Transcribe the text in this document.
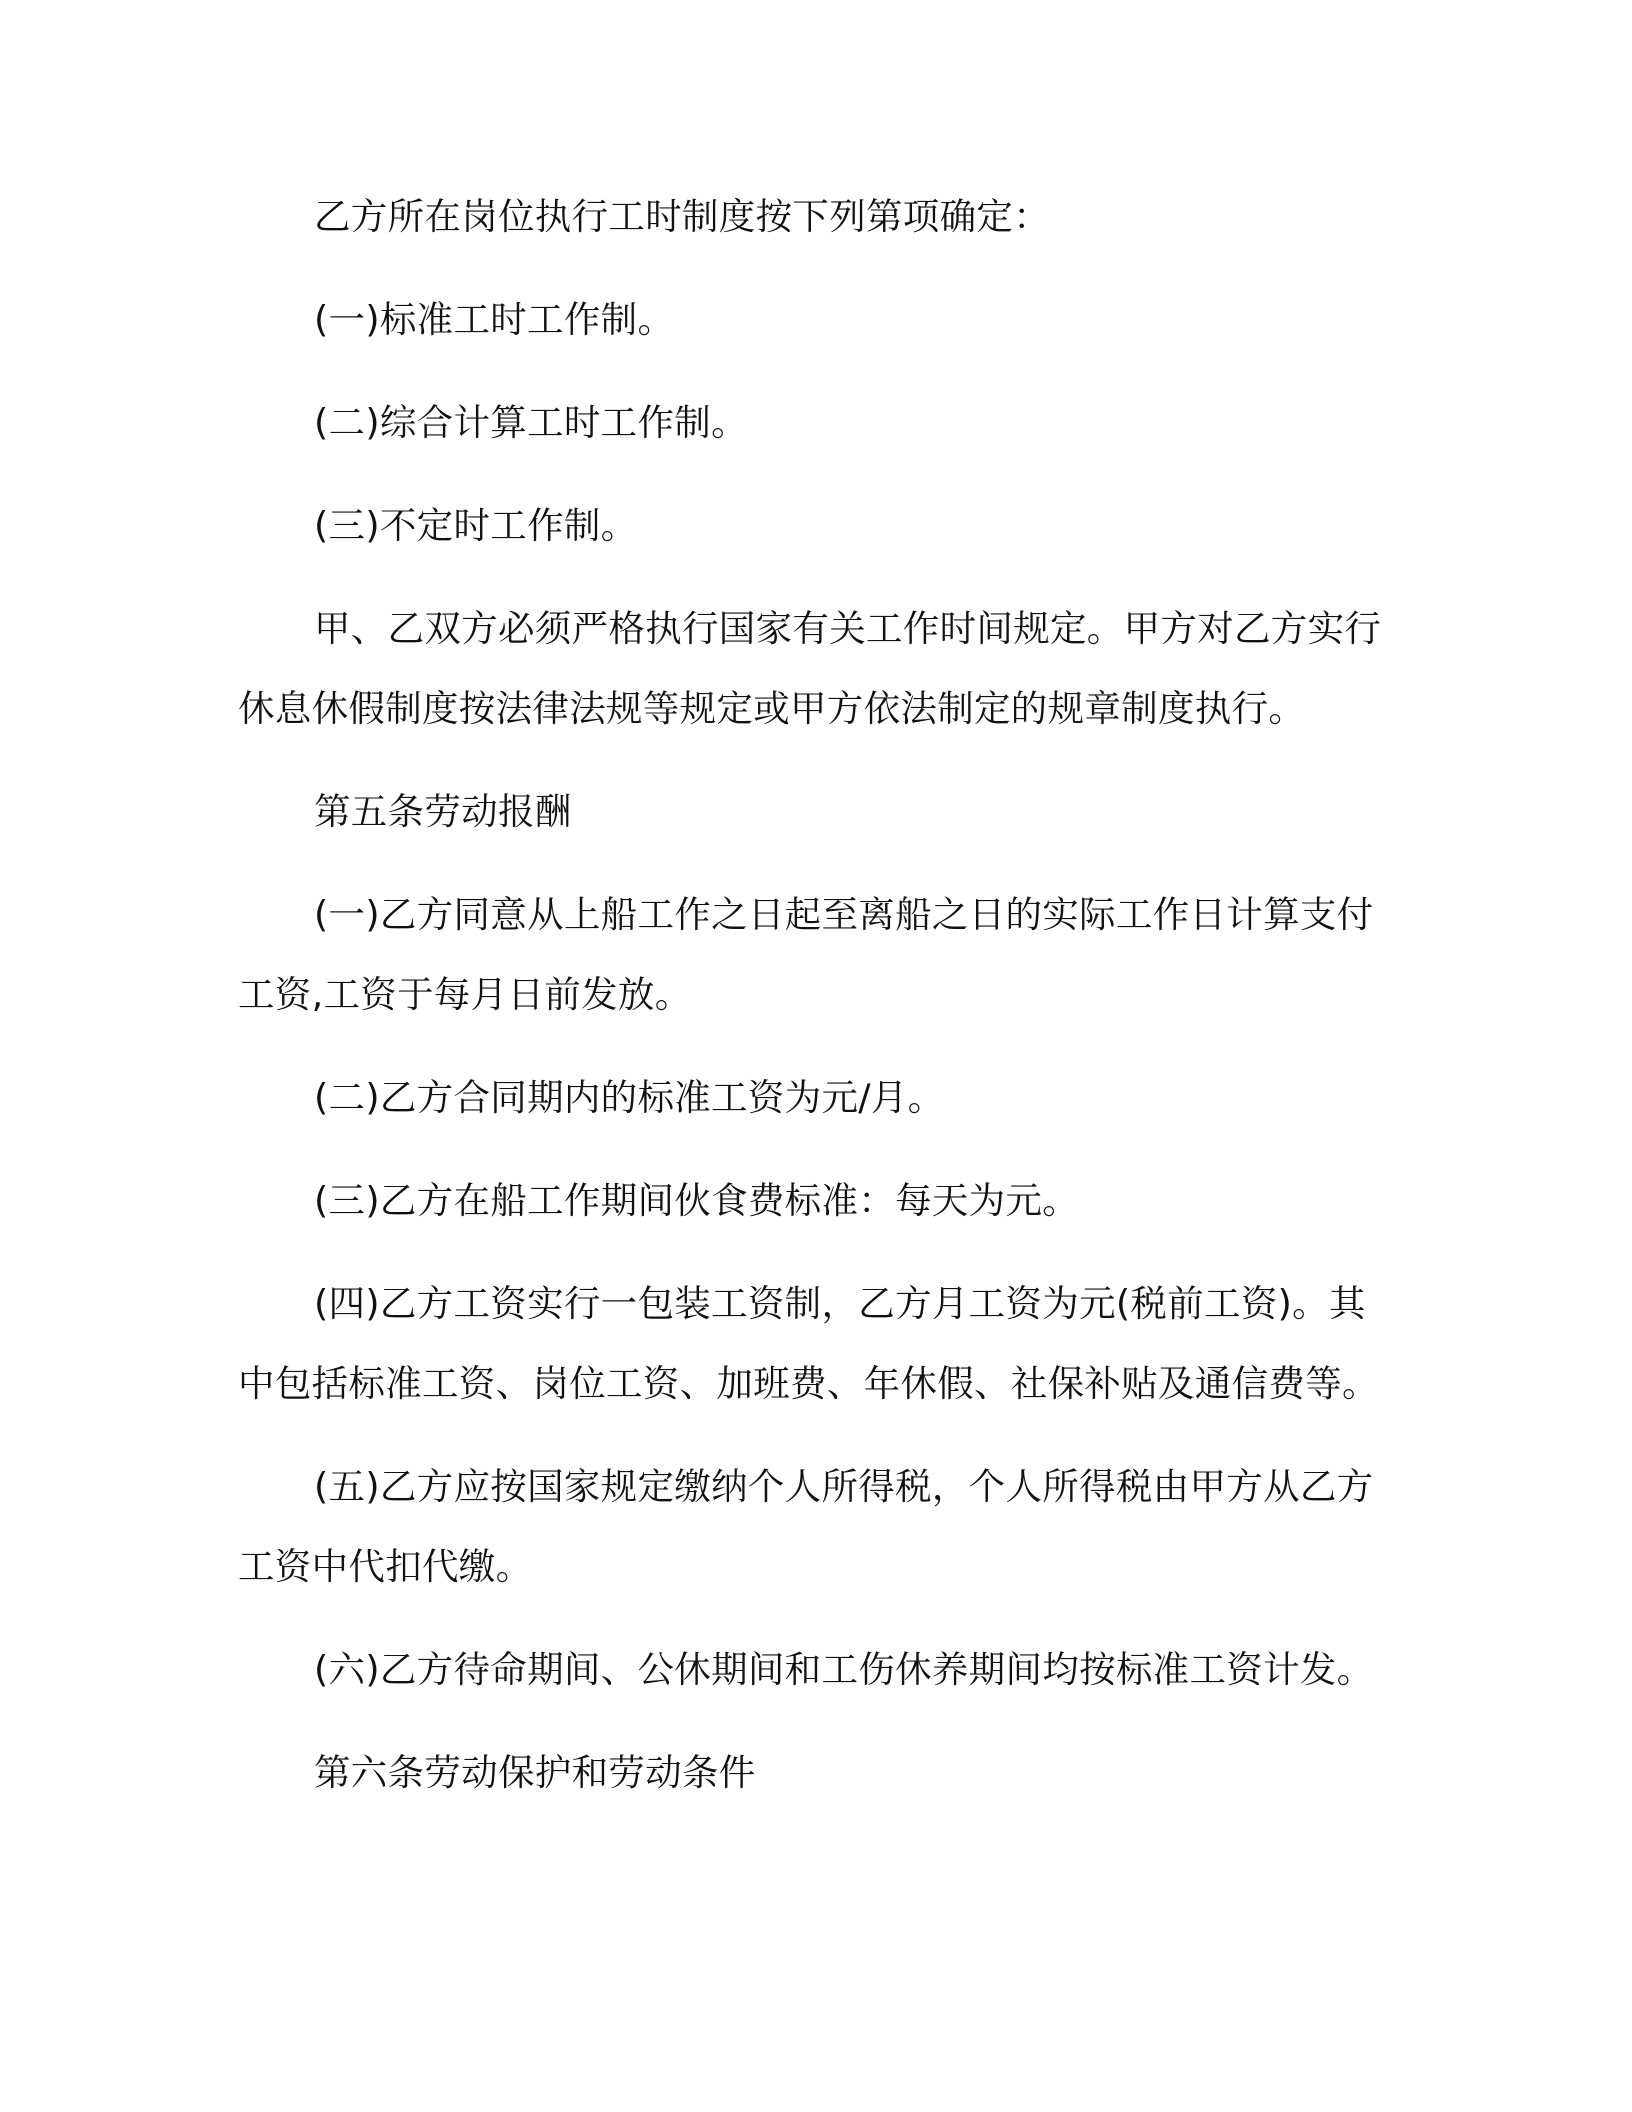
乙方所在岗位执行工时制度按下列第项确定：

(一)标准工时工作制。

(二)综合计算工时工作制。

(三)不定时工作制。

甲、乙双方必须严格执行国家有关工作时间规定。甲方对乙方实行休息休假制度按法律法规等规定或甲方依法制定的规章制度执行。

第五条劳动报酬

(一)乙方同意从上船工作之日起至离船之日的实际工作日计算支付工资,工资于每月日前发放。

(二)乙方合同期内的标准工资为元/月。

(三)乙方在船工作期间伙食费标准：每天为元。

(四)乙方工资实行一包装工资制，乙方月工资为元(税前工资)。其中包括标准工资、岗位工资、加班费、年休假、社保补贴及通信费等。

(五)乙方应按国家规定缴纳个人所得税，个人所得税由甲方从乙方工资中代扣代缴。

(六)乙方待命期间、公休期间和工伤休养期间均按标准工资计发。

第六条劳动保护和劳动条件
